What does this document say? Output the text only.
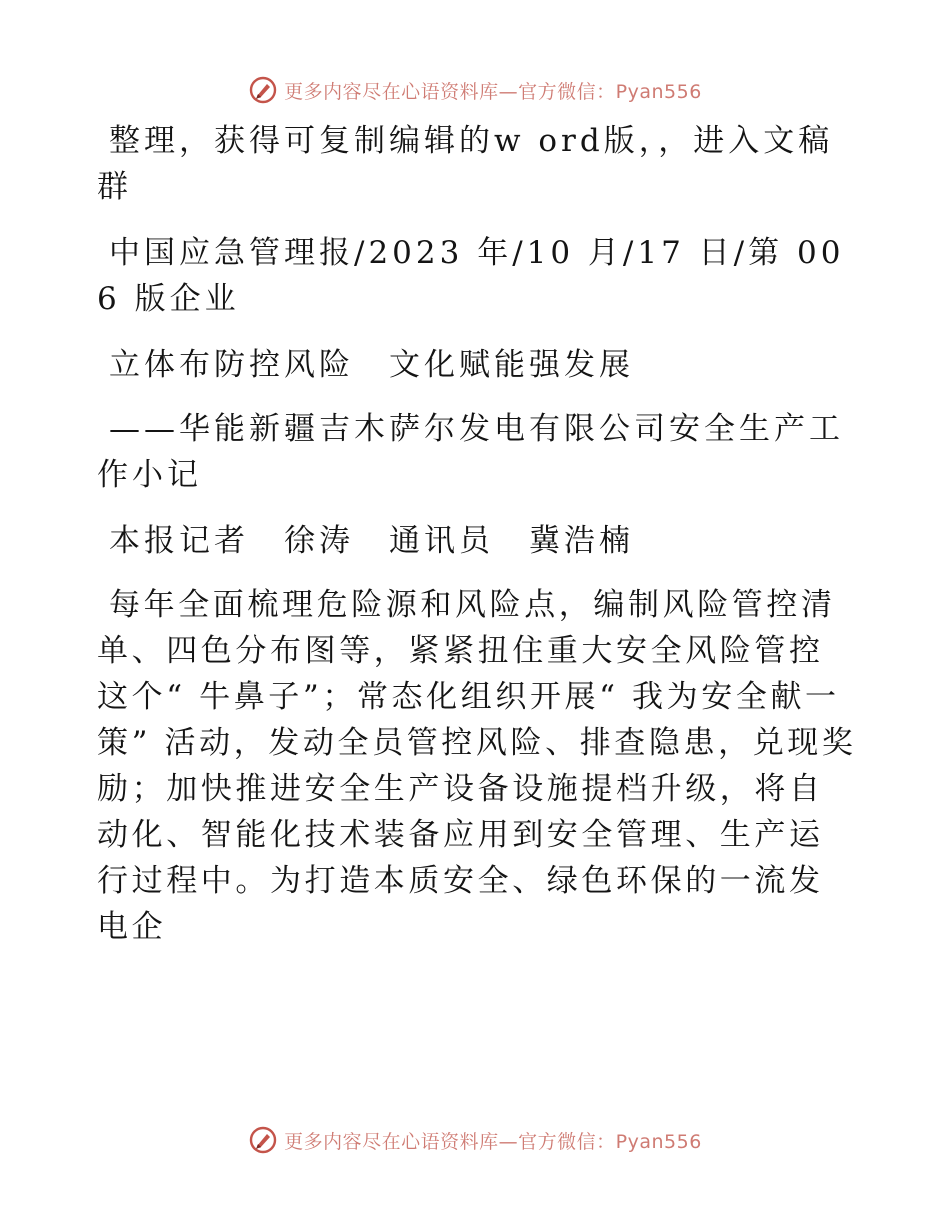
更多内容尽在心语资料库—官方微信：Pyan556

整理，获得可复制编辑的w ord版，，进入文稿群

中国应急管理报/2023 年/10 月/17 日/第 006 版企业

立体布防控风险　文化赋能强发展

——华能新疆吉木萨尔发电有限公司安全生产工作小记

本报记者　徐涛　通讯员　冀浩楠

每年全面梳理危险源和风险点，编制风险管控清单、四色分布图等，紧紧扭住重大安全风险管控这个“ 牛鼻子”；常态化组织开展“ 我为安全献一策” 活动，发动全员管控风险、排查隐患，兑现奖励；加快推进安全生产设备设施提档升级，将自动化、智能化技术装备应用到安全管理、生产运行过程中。为打造本质安全、绿色环保的一流发电企

更多内容尽在心语资料库—官方微信：Pyan556
